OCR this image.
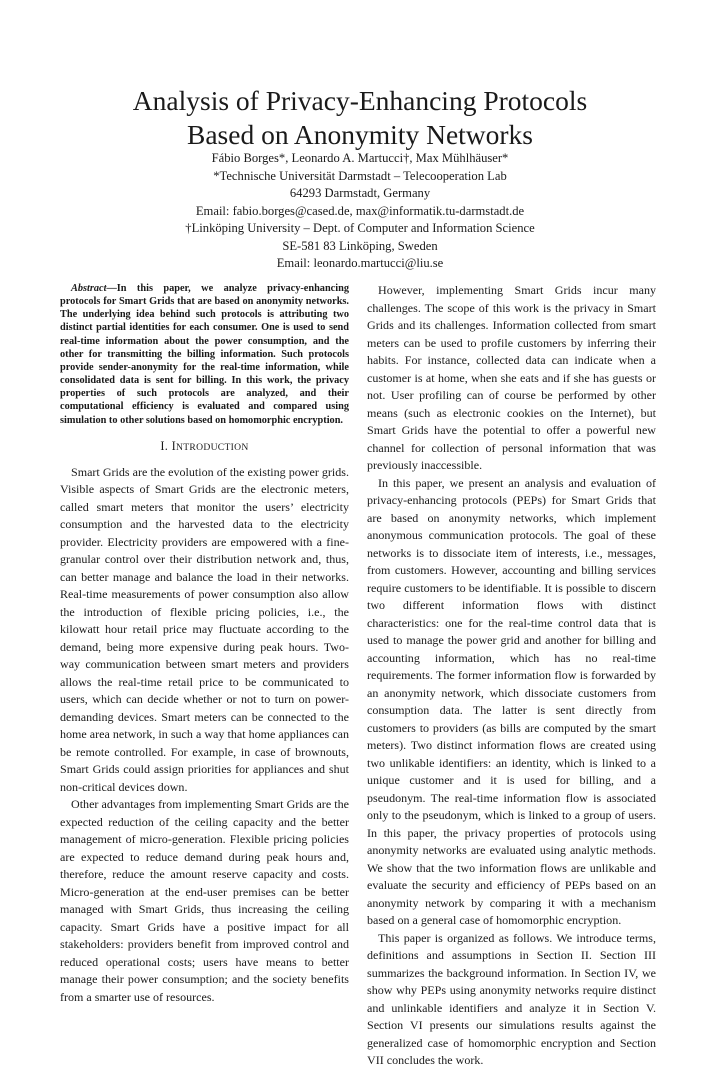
Analysis of Privacy-Enhancing Protocols
Based on Anonymity Networks
Fábio Borges*, Leonardo A. Martucci†, Max Mühlhäuser*
*Technische Universität Darmstadt – Telecooperation Lab
64293 Darmstadt, Germany
Email: fabio.borges@cased.de, max@informatik.tu-darmstadt.de
†Linköping University – Dept. of Computer and Information Science
SE-581 83 Linköping, Sweden
Email: leonardo.martucci@liu.se

Abstract—In this paper, we analyze privacy-enhancing protocols for Smart Grids that are based on anonymity networks. The underlying idea behind such protocols is attributing two distinct partial identities for each consumer. One is used to send real-time information about the power consumption, and the other for transmitting the billing information. Such protocols provide sender-anonymity for the real-time information, while consolidated data is sent for billing. In this work, the privacy properties of such protocols are analyzed, and their computational efficiency is evaluated and compared using simulation to other solutions based on homomorphic encryption.

I. INTRODUCTION

Smart Grids are the evolution of the existing power grids. Visible aspects of Smart Grids are the electronic meters, called smart meters that monitor the users’ electricity consumption and the harvested data to the electricity provider. Electricity providers are empowered with a fine-granular control over their distribution network and, thus, can better manage and balance the load in their networks. Real-time measurements of power consumption also allow the introduction of flexible pricing policies, i.e., the kilowatt hour retail price may fluctuate according to the demand, being more expensive during peak hours. Two-way communication between smart meters and providers allows the real-time retail price to be communicated to users, which can decide whether or not to turn on power-demanding devices. Smart meters can be connected to the home area network, in such a way that home appliances can be remote controlled. For example, in case of brownouts, Smart Grids could assign priorities for appliances and shut non-critical devices down.

Other advantages from implementing Smart Grids are the expected reduction of the ceiling capacity and the better management of micro-generation. Flexible pricing policies are expected to reduce demand during peak hours and, therefore, reduce the amount reserve capacity and costs. Micro-generation at the end-user premises can be better managed with Smart Grids, thus increasing the ceiling capacity. Smart Grids have a positive impact for all stakeholders: providers benefit from improved control and reduced operational costs; users have means to better manage their power consumption; and the society benefits from a smarter use of resources.

However, implementing Smart Grids incur many challenges. The scope of this work is the privacy in Smart Grids and its challenges. Information collected from smart meters can be used to profile customers by inferring their habits. For instance, collected data can indicate when a customer is at home, when she eats and if she has guests or not. User profiling can of course be performed by other means (such as electronic cookies on the Internet), but Smart Grids have the potential to offer a powerful new channel for collection of personal information that was previously inaccessible.

In this paper, we present an analysis and evaluation of privacy-enhancing protocols (PEPs) for Smart Grids that are based on anonymity networks, which implement anonymous communication protocols. The goal of these networks is to dissociate item of interests, i.e., messages, from customers. However, accounting and billing services require customers to be identifiable. It is possible to discern two different information flows with distinct characteristics: one for the real-time control data that is used to manage the power grid and another for billing and accounting information, which has no real-time requirements. The former information flow is forwarded by an anonymity network, which dissociate customers from consumption data. The latter is sent directly from customers to providers (as bills are computed by the smart meters). Two distinct information flows are created using two unlikable identifiers: an identity, which is linked to a unique customer and it is used for billing, and a pseudonym. The real-time information flow is associated only to the pseudonym, which is linked to a group of users. In this paper, the privacy properties of protocols using anonymity networks are evaluated using analytic methods. We show that the two information flows are unlikable and evaluate the security and efficiency of PEPs based on an anonymity network by comparing it with a mechanism based on a general case of homomorphic encryption.

This paper is organized as follows. We introduce terms, definitions and assumptions in Section II. Section III summarizes the background information. In Section IV, we show why PEPs using anonymity networks require distinct and unlinkable identifiers and analyze it in Section V. Section VI presents our simulations results against the generalized case of homomorphic encryption and Section VII concludes the work.
